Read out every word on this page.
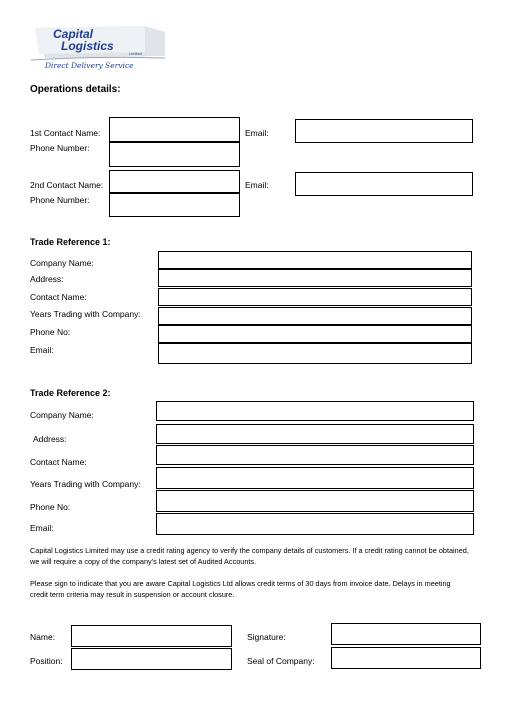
Capital
Logistics
Limited
Direct Delivery Service
Operations details:
1st Contact Name:	Email:
Phone Number:
2nd Contact Name:	Email:
Phone Number:
Trade Reference 1:
Company Name:
Address:
Contact Name:
Years Trading with Company:
Phone No:
Email:
Trade Reference 2:
Company Name:
Address:
Contact Name:
Years Trading with Company:
Phone No:
Email:
Capital Logistics Limited may use a credit rating agency to verify the company details of customers. If a credit rating cannot be obtained, we will require a copy of the company's latest set of Audited Accounts.
Please sign to indicate that you are aware Capital Logistics Ltd allows credit terms of 30 days from invoice date. Delays in meeting credit term criteria may result in suspension or account closure.
Name:
Position:
Signature:
Seal of Company:
